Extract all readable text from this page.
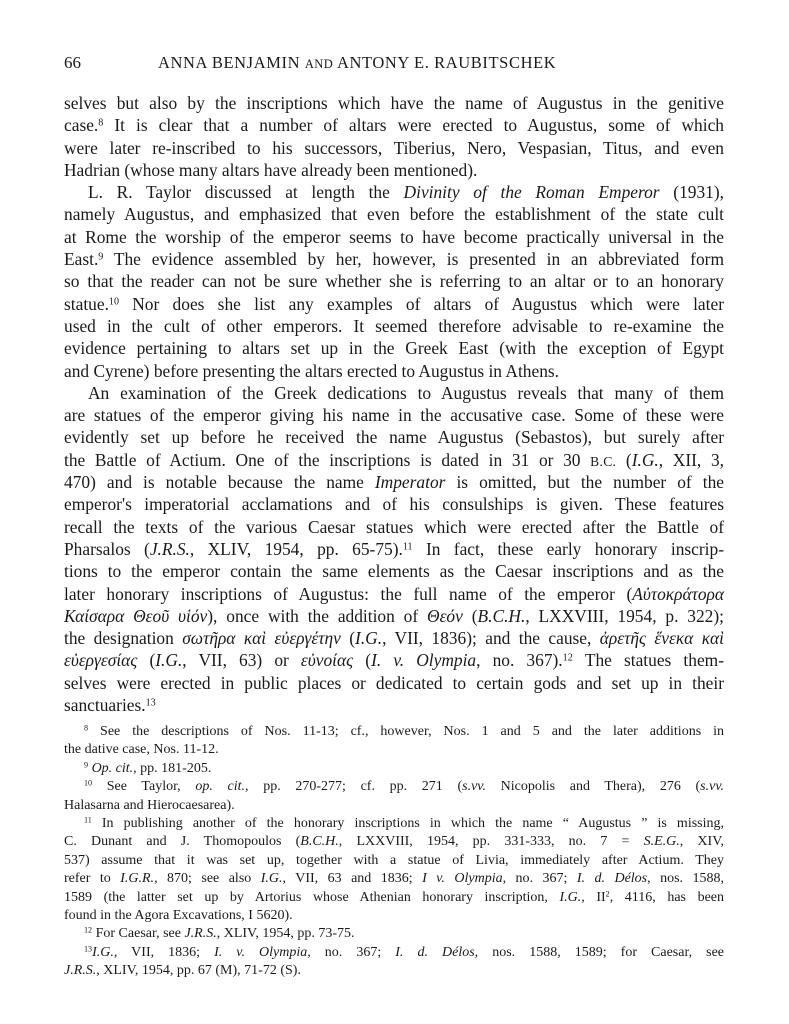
66	ANNA BENJAMIN AND ANTONY E. RAUBITSCHEK
selves but also by the inscriptions which have the name of Augustus in the genitive
case.$^8$ It is clear that a number of altars were erected to Augustus, some of which
were later re-inscribed to his successors, Tiberius, Nero, Vespasian, Titus, and even
Hadrian (whose many altars have already been mentioned).
L. R. Taylor discussed at length the Divinity of the Roman Emperor (1931),
namely Augustus, and emphasized that even before the establishment of the state cult
at Rome the worship of the emperor seems to have become practically universal in the
East.$^9$ The evidence assembled by her, however, is presented in an abbreviated form
so that the reader can not be sure whether she is referring to an altar or to an honorary
statue.$^{10}$ Nor does she list any examples of altars of Augustus which were later
used in the cult of other emperors. It seemed therefore advisable to re-examine the
evidence pertaining to altars set up in the Greek East (with the exception of Egypt
and Cyrene) before presenting the altars erected to Augustus in Athens.
An examination of the Greek dedications to Augustus reveals that many of them
are statues of the emperor giving his name in the accusative case. Some of these were
evidently set up before he received the name Augustus (Sebastos), but surely after
the Battle of Actium. One of the inscriptions is dated in 31 or 30 B.C. (I.G., XII, 3,
470) and is notable because the name Imperator is omitted, but the number of the
emperor's imperatorial acclamations and of his consulships is given. These features
recall the texts of the various Caesar statues which were erected after the Battle of
Pharsalos (J.R.S., XLIV, 1954, pp. 65-75).$^{11}$ In fact, these early honorary inscrip-
tions to the emperor contain the same elements as the Caesar inscriptions and as the
later honorary inscriptions of Augustus: the full name of the emperor (Αὐτοκράτορα
Καίσαρα Θεοῦ υἱόν), once with the addition of Θεόν (B.C.H., LXXVIII, 1954, p. 322);
the designation σωτῆρα καὶ εὐεργέτην (I.G., VII, 1836); and the cause, ἀρετῆς ἕνεκα καὶ
εὐεργεσίας (I.G., VII, 63) or εὐνοίας (I. v. Olympia, no. 367).$^{12}$ The statues them-
selves were erected in public places or dedicated to certain gods and set up in their
sanctuaries.$^{13}$
$^8$ See the descriptions of Nos. 11-13; cf., however, Nos. 1 and 5 and the later additions in
the dative case, Nos. 11-12.
$^9$ Op. cit., pp. 181-205.
$^{10}$ See Taylor, op. cit., pp. 270-277; cf. pp. 271 (s.vv. Nicopolis and Thera), 276 (s.vv.
Halasarna and Hierocaesarea).
$^{11}$ In publishing another of the honorary inscriptions in which the name “ Augustus ” is missing,
C. Dunant and J. Thomopoulos (B.C.H., LXXVIII, 1954, pp. 331-333, no. 7 = S.E.G., XIV,
537) assume that it was set up, together with a statue of Livia, immediately after Actium. They
refer to I.G.R., 870; see also I.G., VII, 63 and 1836; I v. Olympia, no. 367; I. d. Délos, nos. 1588,
1589 (the latter set up by Artorius whose Athenian honorary inscription, I.G., $II^2$, 4116, has been
found in the Agora Excavations, I 5620).
$^{12}$ For Caesar, see J.R.S., XLIV, 1954, pp. 73-75.
$^{13}$I.G., VII, 1836; I. v. Olympia, no. 367; I. d. Délos, nos. 1588, 1589; for Caesar, see
J.R.S., XLIV, 1954, pp. 67 (M), 71-72 (S).
